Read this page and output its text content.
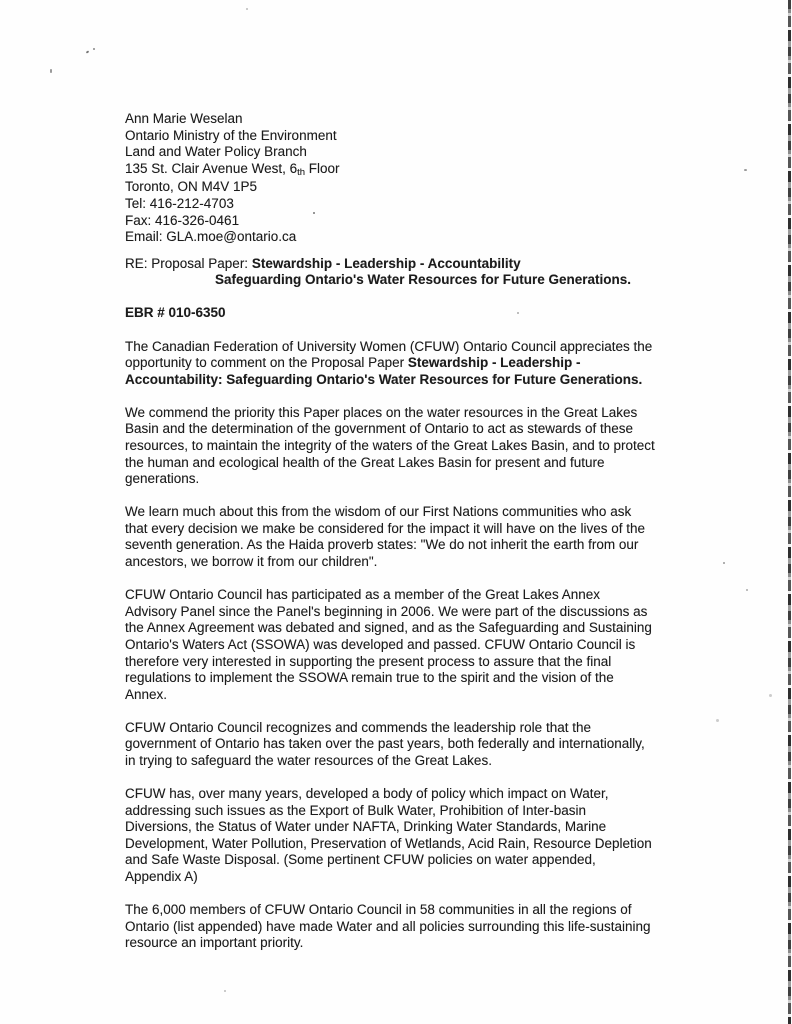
Ann Marie Weselan
Ontario Ministry of the Environment
Land and Water Policy Branch
135 St. Clair Avenue West, 6th Floor
Toronto, ON M4V 1P5
Tel: 416-212-4703
Fax: 416-326-0461
Email: GLA.moe@ontario.ca
RE: Proposal Paper: Stewardship - Leadership - Accountability
Safeguarding Ontario's Water Resources for Future Generations.
EBR # 010-6350
The Canadian Federation of University Women (CFUW) Ontario Council appreciates the
opportunity to comment on the Proposal Paper Stewardship - Leadership -
Accountability: Safeguarding Ontario's Water Resources for Future Generations.
We commend the priority this Paper places on the water resources in the Great Lakes
Basin and the determination of the government of Ontario to act as stewards of these
resources, to maintain the integrity of the waters of the Great Lakes Basin, and to protect
the human and ecological health of the Great Lakes Basin for present and future
generations.
We learn much about this from the wisdom of our First Nations communities who ask
that every decision we make be considered for the impact it will have on the lives of the
seventh generation. As the Haida proverb states: "We do not inherit the earth from our
ancestors, we borrow it from our children".
CFUW Ontario Council has participated as a member of the Great Lakes Annex
Advisory Panel since the Panel's beginning in 2006. We were part of the discussions as
the Annex Agreement was debated and signed, and as the Safeguarding and Sustaining
Ontario's Waters Act (SSOWA) was developed and passed. CFUW Ontario Council is
therefore very interested in supporting the present process to assure that the final
regulations to implement the SSOWA remain true to the spirit and the vision of the
Annex.
CFUW Ontario Council recognizes and commends the leadership role that the
government of Ontario has taken over the past years, both federally and internationally,
in trying to safeguard the water resources of the Great Lakes.
CFUW has, over many years, developed a body of policy which impact on Water,
addressing such issues as the Export of Bulk Water, Prohibition of Inter-basin
Diversions, the Status of Water under NAFTA, Drinking Water Standards, Marine
Development, Water Pollution, Preservation of Wetlands, Acid Rain, Resource Depletion
and Safe Waste Disposal. (Some pertinent CFUW policies on water appended,
Appendix A)
The 6,000 members of CFUW Ontario Council in 58 communities in all the regions of
Ontario (list appended) have made Water and all policies surrounding this life-sustaining
resource an important priority.
